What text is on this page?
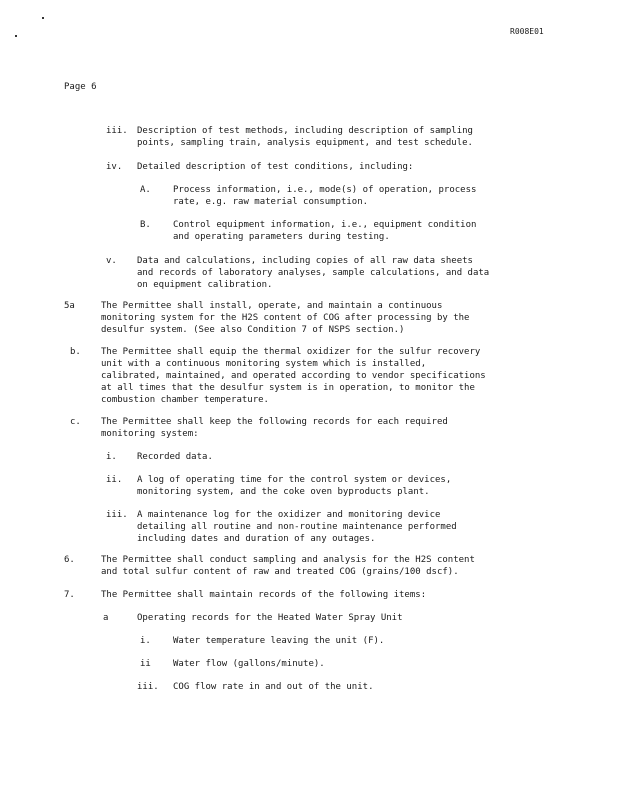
R008E01
Page 6
iii. Description of test methods, including description of sampling
points, sampling train, analysis equipment, and test schedule.
iv. Detailed description of test conditions, including:
A. Process information, i.e., mode(s) of operation, process
rate, e.g. raw material consumption.
B. Control equipment information, i.e., equipment condition
and operating parameters during testing.
v. Data and calculations, including copies of all raw data sheets
and records of laboratory analyses, sample calculations, and data
on equipment calibration.
5a	The Permittee shall install, operate, and maintain a continuous
monitoring system for the H2S content of COG after processing by the
desulfur system. (See also Condition 7 of NSPS section.)
b. The Permittee shall equip the thermal oxidizer for the sulfur recovery
unit with a continuous monitoring system which is installed,
calibrated, maintained, and operated according to vendor specifications
at all times that the desulfur system is in operation, to monitor the
combustion chamber temperature.
c. The Permittee shall keep the following records for each required
monitoring system:
i. Recorded data.
ii. A log of operating time for the control system or devices,
monitoring system, and the coke oven byproducts plant.
iii. A maintenance log for the oxidizer and monitoring device
detailing all routine and non-routine maintenance performed
including dates and duration of any outages.
6.	The Permittee shall conduct sampling and analysis for the H2S content
and total sulfur content of raw and treated COG (grains/100 dscf).
7.	The Permittee shall maintain records of the following items:
a	Operating records for the Heated Water Spray Unit
i. Water temperature leaving the unit (F).
ii Water flow (gallons/minute).
iii. COG flow rate in and out of the unit.
